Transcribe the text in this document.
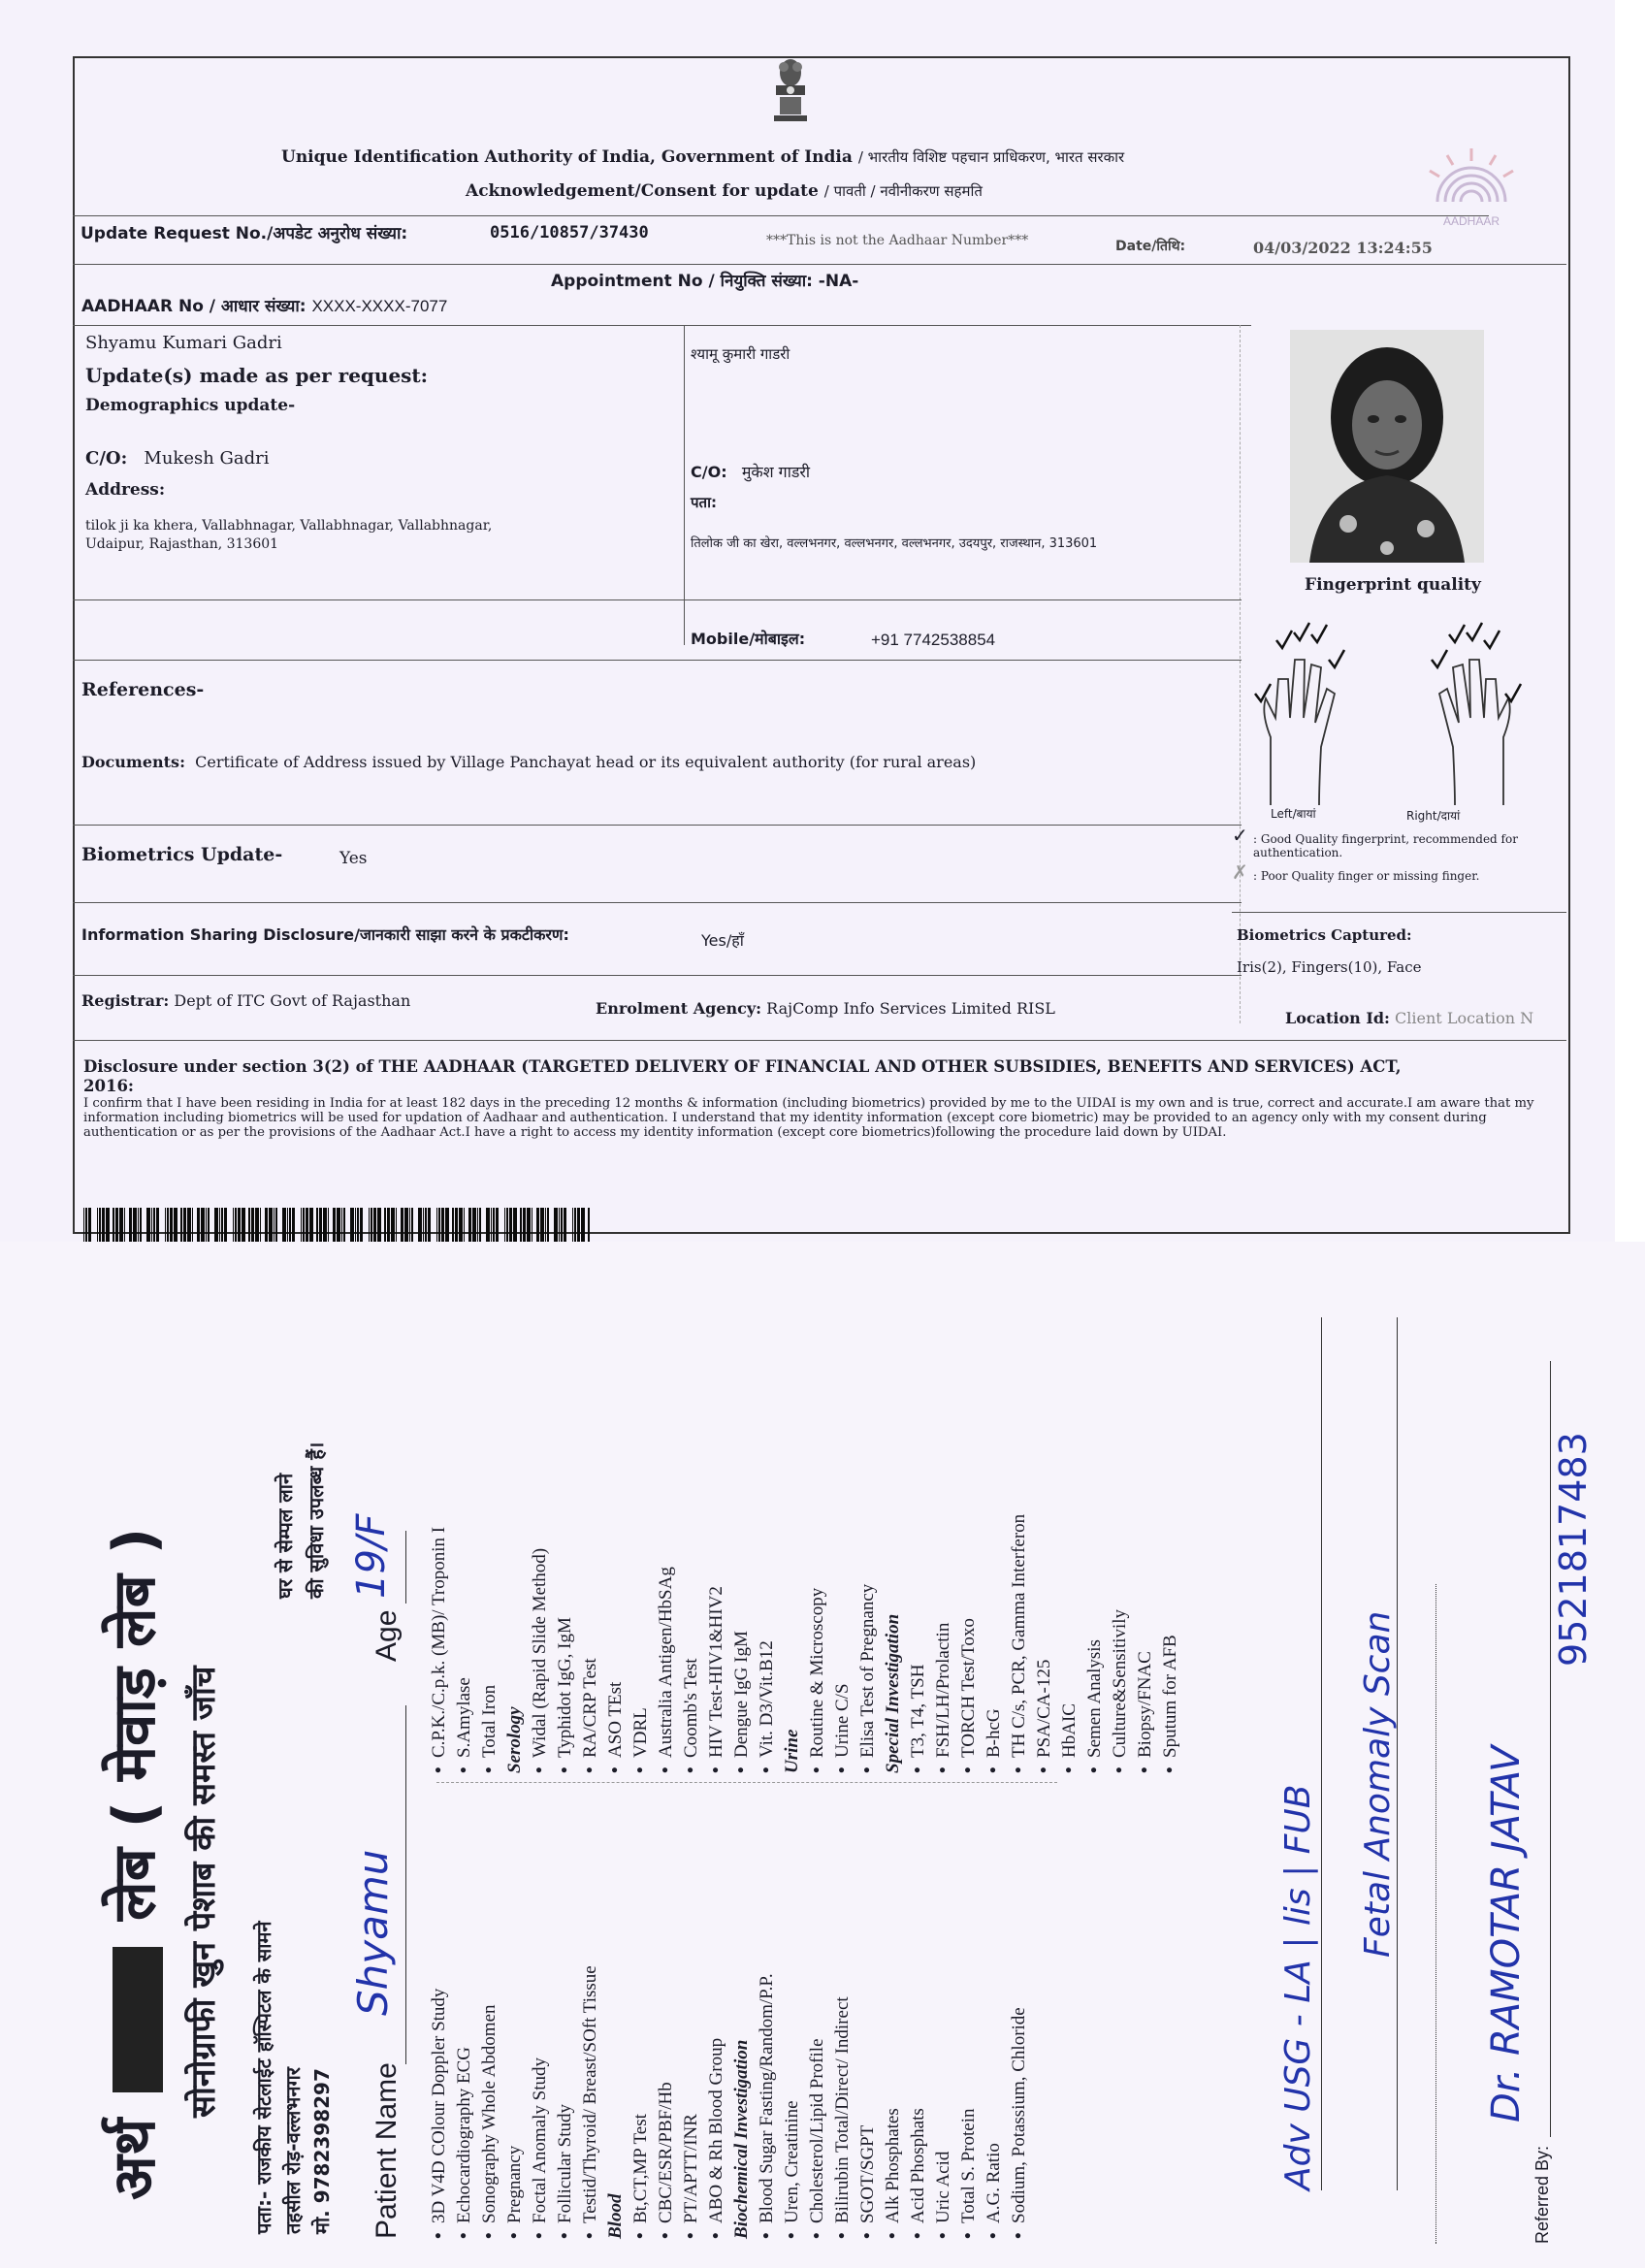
Unique Identification Authority of India, Government of India / भारतीय विशिष्ट पहचान प्राधिकरण, भारत सरकार
Acknowledgement/Consent for update / पावती / नवीनीकरण सहमति
AADHAAR
Update Request No./अपडेट अनुरोध संख्या:	0516/10857/37430	***This is not the Aadhaar Number***	Date/तिथि:	04/03/2022 13:24:55
Appointment No / नियुक्ति संख्या: -NA-
AADHAAR No / आधार संख्या: XXXX-XXXX-7077
Shyamu Kumari Gadri
Update(s) made as per request:
Demographics update-
श्यामू कुमारी गाडरी
C/O: Mukesh Gadri
Address:
tilok ji ka khera, Vallabhnagar, Vallabhnagar, Vallabhnagar,
Udaipur, Rajasthan, 313601
C/O: मुकेश गाडरी
पता:
तिलोक जी का खेरा, वल्लभनगर, वल्लभनगर, वल्लभनगर, उदयपुर, राजस्थान, 313601
Mobile/मोबाइल:	+91 7742538854
Fingerprint quality
Left/बायां	Right/दायां
✓ : Good Quality fingerprint, recommended for authentication.
✗ : Poor Quality finger or missing finger.
Biometrics Captured:
Iris(2), Fingers(10), Face
References-
Documents: Certificate of Address issued by Village Panchayat head or its equivalent authority (for rural areas)
Biometrics Update-	Yes
Information Sharing Disclosure/जानकारी साझा करने के प्रकटीकरण:	Yes/हाँ
Registrar: Dept of ITC Govt of Rajasthan	Enrolment Agency: RajComp Info Services Limited RISL
Location Id: Client Location N
Disclosure under section 3(2) of THE AADHAAR (TARGETED DELIVERY OF FINANCIAL AND OTHER SUBSIDIES, BENEFITS AND SERVICES) ACT,
2016:
I confirm that I have been residing in India for at least 182 days in the preceding 12 months & information (including biometrics) provided by me to the UIDAI is my own and is true, correct and accurate.I am aware that my information including biometrics will be used for updation of Aadhaar and authentication. I understand that my identity information (except core biometric) may be provided to an agency only with my consent during authentication or as per the provisions of the Aadhaar Act.I have a right to access my identity information (except core biometrics)following the procedure laid down by UIDAI.
अर्थ  लेब ( मेवाड़ लेब ) सोनोग्राफी खुन पेशाब की समस्त जाँच पता:- राजकीय सेटलाईट हॉस्पिटल के सामने तहसील रोड़-वल्लभनगर मो. 9782398297
घर से सेम्पल लाने की सुविधा उपलब्ध हैं।
Patient Name
Shyamu
Age
19/F
• 3D V4D COlour Doppler Study • Echocardiography ECG • Sonography Whole Abdomen • Pregnancy • Foctal Anomaly Study • Follicular Study • Testid/Thyroid/ Breast/SOft Tissue Blood • Bt,CT,MP Test • CBC/ESR/PBF/Hb • PT/APTT/INR • ABO & Rh Blood Group Biochemical Investigation • Blood Sugar Fasting/Random/P.P. • Uren, Creatinine • Cholesterol/Lipid Profile • Bilirubin Total/Direct/ Indirect • SGOT/SGPT • Alk Phosphates • Acid Phosphats • Uric Acid • Total S. Protein • A.G. Ratio • Sodium, Potassium, Chloride
• C.P.K./C.p.k. (MB)/ Troponin I • S.Amylase • Total Iron Serology • Widal (Rapid Slide Method) • Typhidot IgG, IgM • RA/CRP Test • ASO TEst • VDRL • Australia Antigen/HbSAg • Coomb's Test • HIV Test-HIV1&HIV2 • Dengue IgG IgM • Vit. D3/Vit.B12 Urine • Routine & Microscopy • Urine C/S • Elisa Test of Pregnancy Special Investigation • T3, T4, TSH • FSH/LH/Prolactin • TORCH Test/Toxo • B-hcG • TH C/s, PCR, Gamma Interferon • PSA/CA-125 • HbAIC • Semen Analysis • Culture&Sensitivily • Biopsy/FNAC • Sputum for AFB
Adv USG - LA | lis | FUB
Fetal Anomaly Scan
Referred By:
Dr. RAMOTAR JATAV
9521817483
